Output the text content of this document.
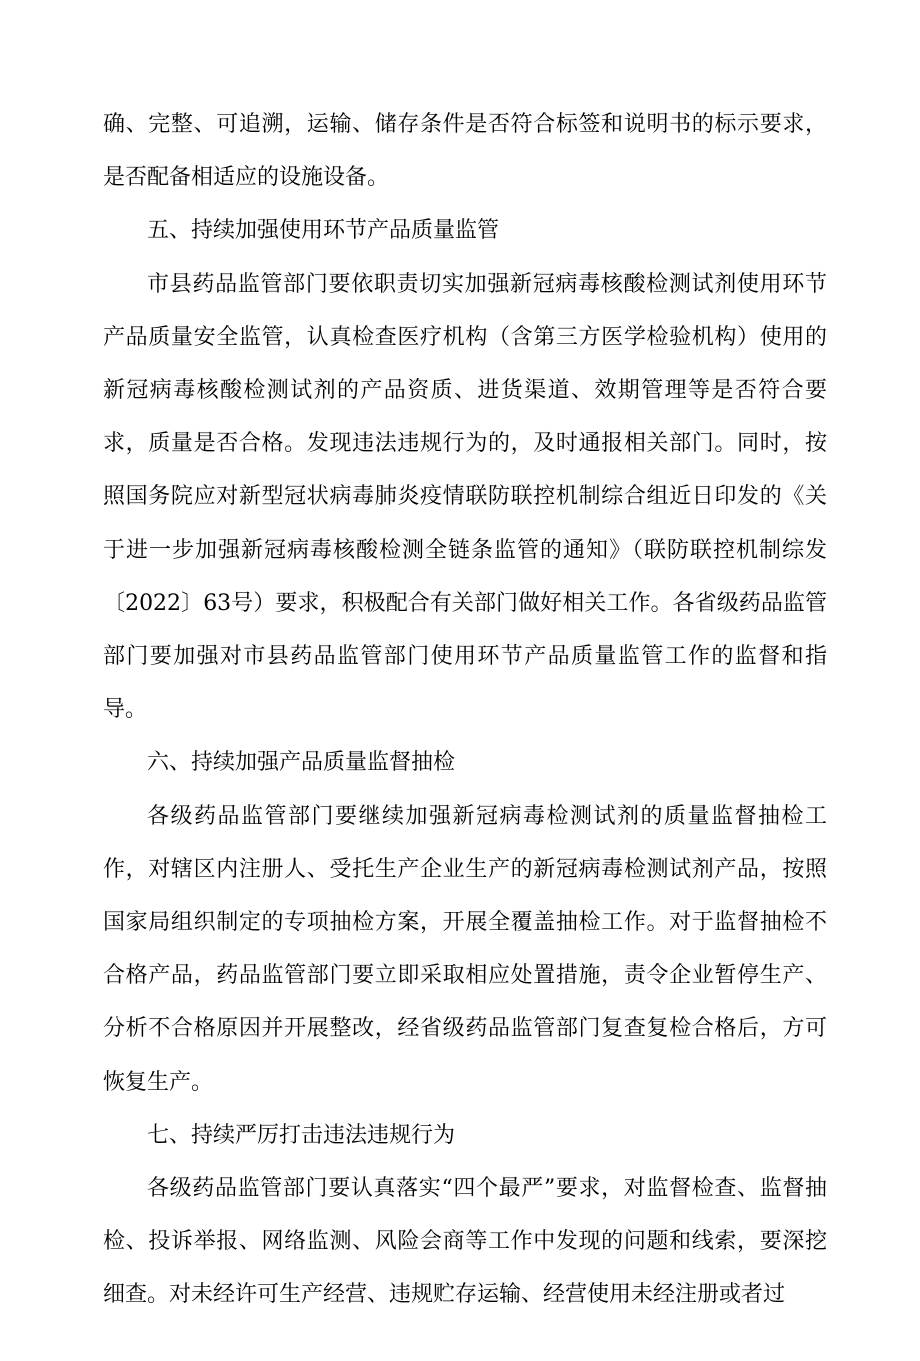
确、完整、可追溯，运输、储存条件是否符合标签和说明书的标示要求，是否配备相适应的设施设备。

五、持续加强使用环节产品质量监管

市县药品监管部门要依职责切实加强新冠病毒核酸检测试剂使用环节产品质量安全监管，认真检查医疗机构（含第三方医学检验机构）使用的新冠病毒核酸检测试剂的产品资质、进货渠道、效期管理等是否符合要求，质量是否合格。发现违法违规行为的，及时通报相关部门。同时，按照国务院应对新型冠状病毒肺炎疫情联防联控机制综合组近日印发的《关于进一步加强新冠病毒核酸检测全链条监管的通知》（联防联控机制综发〔2022〕63号）要求，积极配合有关部门做好相关工作。各省级药品监管部门要加强对市县药品监管部门使用环节产品质量监管工作的监督和指导。

六、持续加强产品质量监督抽检

各级药品监管部门要继续加强新冠病毒检测试剂的质量监督抽检工作，对辖区内注册人、受托生产企业生产的新冠病毒检测试剂产品，按照国家局组织制定的专项抽检方案，开展全覆盖抽检工作。对于监督抽检不合格产品，药品监管部门要立即采取相应处置措施，责令企业暂停生产、分析不合格原因并开展整改，经省级药品监管部门复查复检合格后，方可恢复生产。

七、持续严厉打击违法违规行为

各级药品监管部门要认真落实“四个最严”要求，对监督检查、监督抽检、投诉举报、网络监测、风险会商等工作中发现的问题和线索，要深挖细查。对未经许可生产经营、违规贮存运输、经营使用未经注册或者过
